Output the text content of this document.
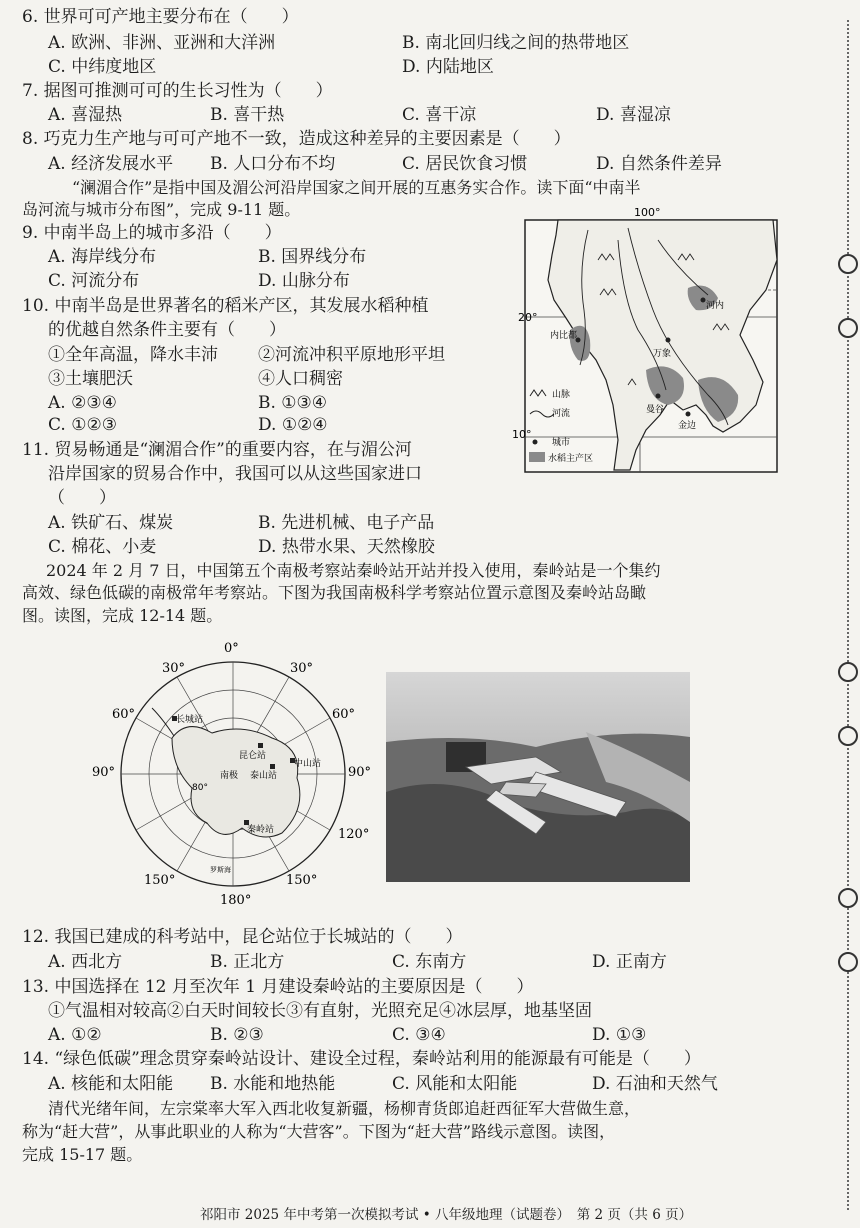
6. 世界可可产地主要分布在（　　）
A. 欧洲、非洲、亚洲和大洋洲	B. 南北回归线之间的热带地区
C. 中纬度地区	D. 内陆地区
7. 据图可推测可可的生长习性为（　　）
A. 喜湿热	B. 喜干热	C. 喜干凉	D. 喜湿凉
8. 巧克力生产地与可可产地不一致，造成这种差异的主要因素是（　　）
A. 经济发展水平 B. 人口分布不均	C. 居民饮食习惯	D. 自然条件差异
“澜湄合作”是指中国及湄公河沿岸国家之间开展的互惠务实合作。读下面“中南半
岛河流与城市分布图”，完成 9-11 题。
9. 中南半岛上的城市多沿（　　）
A. 海岸线分布	B. 国界线分布
C. 河流分布	D. 山脉分布
10. 中南半岛是世界著名的稻米产区，其发展水稻种植
的优越自然条件主要有（　　）
①全年高温，降水丰沛 ②河流冲积平原地形平坦
③土壤肥沃	④人口稠密
A. ②③④	B. ①③④
C. ①②③	D. ①②④
11. 贸易畅通是“澜湄合作”的重要内容，在与湄公河
沿岸国家的贸易合作中，我国可以从这些国家进口
（　　）
A. 铁矿石、煤炭	B. 先进机械、电子产品
C. 棉花、小麦	D. 热带水果、天然橡胶
100°
20°
10°
内比都
万象
曼谷
金边
河内
山脉
河流
城市
水稻主产区
2024 年 2 月 7 日，中国第五个南极考察站秦岭站开站并投入使用，秦岭站是一个集约
高效、绿色低碳的南极常年考察站。下图为我国南极科学考察站位置示意图及秦岭站岛瞰
图。读图，完成 12-14 题。
0°
30°	30°
60°	60°
90°	90°
120°
150°	150°
180°
长城站
昆仑站
泰山站
中山站
秦岭站
南极
80°
罗斯海
12. 我国已建成的科考站中，昆仑站位于长城站的（　　）
A. 西北方	B. 正北方	C. 东南方	D. 正南方
13. 中国选择在 12 月至次年 1 月建设秦岭站的主要原因是（　　）
①气温相对较高②白天时间较长③有直射，光照充足④冰层厚，地基坚固
A. ①②	B. ②③	C. ③④	D. ①③
14. “绿色低碳”理念贯穿秦岭站设计、建设全过程，秦岭站利用的能源最有可能是（　　）
A. 核能和太阳能 B. 水能和地热能	C. 风能和太阳能	D. 石油和天然气
清代光绪年间，左宗棠率大军入西北收复新疆，杨柳青货郎追赶西征军大营做生意，
称为“赶大营”，从事此职业的人称为“大营客”。下图为“赶大营”路线示意图。读图，
完成 15-17 题。
祁阳市 2025 年中考第一次模拟考试 • 八年级地理（试题卷）　第 2 页（共 6 页）
